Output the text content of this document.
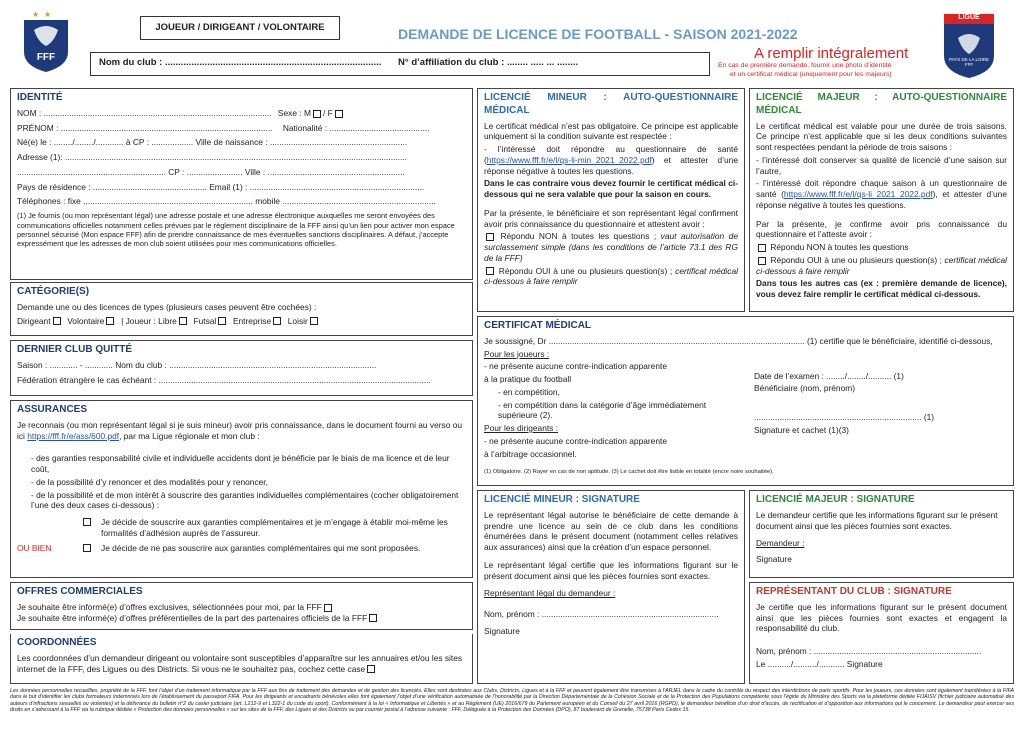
★ ★
FFF
JOUEUR / DIRIGEANT / VOLONTAIRE	DEMANDE DE LICENCE DE FOOTBALL - SAISON 2021-2022
Nom du club : .................................................................................. N° d’affiliation du club : ........ ..... ... ........
A remplir intégralement
En cas de première demande, fournir une photo d’identité
et un certificat médical (uniquement pour les majeurs)
LIGUE
PAYS DE LA LOIRE FFF
IDENTITÉ
NOM : .................................................................................................. Sexe : M / F
PRÉNOM : ........................................................................................... Nationalité : ...........................................
Né(e) le : ......../......../............ à CP : .................. Ville de naissance : ...........................................................
Adresse (1): ...................................................................................................................................................
................................................................ CP : ........................ Ville : ...........................................................
Pays de résidence : ................................................. Email (1) : ...........................................................................
Téléphones : fixe ......................................................................... mobile ..................................................................
(1) Je fournis (ou mon représentant légal) une adresse postale et une adresse électronique auxquelles me seront envoyées des communications officielles notamment celles prévues par le règlement disciplinaire de la FFF ainsi qu’un lien pour activer mon espace personnel sécurisé (Mon espace FFF) afin de prendre connaissance de mes éventuelles sanctions disciplinaires. A défaut, j’accepte expressément que les adresses de mon club soient utilisées pour mes communications officielles.
CATÉGORIE(S)
Demande une ou des licences de types (plusieurs cases peuvent être cochées) :
Dirigeant Volontaire | Joueur : Libre Futsal Entreprise Loisir
DERNIER CLUB QUITTÉ
Saison : ............ - ............ Nom du club : .........................................................................................
Fédération étrangère le cas échéant : .....................................................................................................................
ASSURANCES

Je reconnais (ou mon représentant légal si je suis mineur) avoir pris connaissance, dans le document fourni au verso ou ici https://fff.fr/e/ass/600.pdf, par ma Ligue régionale et mon club :

- des garanties responsabilité civile et individuelle accidents dont je bénéficie par le biais de ma licence et de leur coût,

- de la possibilité d’y renoncer et des modalités pour y renoncer,

- de la possibilité et de mon intérêt à souscrire des garanties individuelles complémentaires (cocher obligatoirement l’une des deux cases ci-dessous) :

Je décide de souscrire aux garanties complémentaires et je m’engage à établir moi-même les formalités d’adhésion auprès de l’assureur.
OU BIEN	Je décide de ne pas souscrire aux garanties complémentaires qui me sont proposées.
OFFRES COMMERCIALES
Je souhaite être informé(e) d’offres exclusives, sélectionnées pour moi, par la FFF
Je souhaite être informé(e) d’offres préférentielles de la part des partenaires officiels de la FFF
COORDONNÉES
Les coordonnées d’un demandeur dirigeant ou volontaire sont susceptibles d’apparaître sur les annuaires et/ou les sites internet de la FFF, des Ligues ou des Districts. Si vous ne le souhaitez pas, cochez cette case
LICENCIÉ MINEUR : AUTO-QUESTIONNAIRE MÉDICAL

Le certificat médical n’est pas obligatoire. Ce principe est applicable uniquement si la condition suivante est respectée :

- l’intéressé doit répondre au questionnaire de santé (https://www.fff.fr/e/l/qs-li-min_2021_2022.pdf) et attester d’une réponse négative à toutes les questions.

Dans le cas contraire vous devez fournir le certificat médical ci-dessous qui ne sera valable que pour la saison en cours.

Par la présente, le bénéficiaire et son représentant légal confirment avoir pris connaissance du questionnaire et attestent avoir :

Répondu NON à toutes les questions ; vaut autorisation de surclassement simple (dans les conditions de l’article 73.1 des RG de la FFF)

Répondu OUI à une ou plusieurs question(s) ; certificat médical ci-dessous à faire remplir

LICENCIÉ MAJEUR : AUTO-QUESTIONNAIRE MÉDICAL

Le certificat médical est valable pour une durée de trois saisons. Ce principe n’est applicable que si les deux conditions suivantes sont respectées pendant la période de trois saisons :

- l’intéressé doit conserver sa qualité de licencié d’une saison sur l’autre,

- l’intéressé doit répondre chaque saison à un questionnaire de santé (https://www.fff.fr/e/l/qs-li_2021_2022.pdf), et attester d’une réponse négative à toutes les questions.

Par la présente, je confirme avoir pris connaissance du questionnaire et l’atteste avoir :

Répondu NON à toutes les questions

Répondu OUI à une ou plusieurs question(s) ; certificat médical ci-dessous à faire remplir

Dans tous les autres cas (ex : première demande de licence), vous devez faire remplir le certificat médical ci-dessous.

CERTIFICAT MÉDICAL
Je soussigné, Dr .............................................................................................................. (1) certifie que le bénéficiaire, identifié ci-dessous,

Pour les joueurs :

- ne présente aucune contre-indication apparente

à la pratique du football

- en compétition,

- en compétition dans la catégorie d’âge immédiatement supérieure (2).

Pour les dirigeants :

- ne présente aucune contre-indication apparente

à l’arbitrage occasionnel.

Date de l’examen : ......../......../.......... (1)

Bénéficiaire (nom, prénom)

........................................................................ (1)

Signature et cachet (1)(3)

(1) Obligatoire. (2) Rayer en cas de non aptitude. (3) Le cachet doit être lisible en totalité (encre noire souhaitée).
LICENCIÉ MINEUR : SIGNATURE

Le représentant légal autorise le bénéficiaire de cette demande à prendre une licence au sein de ce club dans les conditions énumérées dans le présent document (notamment celles relatives aux assurances) ainsi que la création d’un espace personnel.

Le représentant légal certifie que les informations figurant sur le présent document ainsi que les pièces fournies sont exactes.

Représentant légal du demandeur :

Nom, prénom : ............................................................................

Signature

LICENCIÉ MAJEUR : SIGNATURE

Le demandeur certifie que les informations figurant sur le présent document ainsi que les pièces fournies sont exactes.

Demandeur :

Signature

REPRÉSENTANT DU CLUB : SIGNATURE

Je certifie que les informations figurant sur le présent document ainsi que les pièces fournies sont exactes et engagent la responsabilité du club.

Nom, prénom : ........................................................................

Le ........../........../........... Signature

Les données personnelles recueillies, propriété de la FFF, font l’objet d’un traitement informatique par la FFF aux fins de traitement des demandes et de gestion des licenciés. Elles sont destinées aux Clubs, Districts, Ligues et à la FFF et peuvent également être transmises à l’ARJEL dans le cadre du contrôle du respect des interdictions de paris sportifs. Pour les joueurs, ces données sont également transférées à la FIFA dans le but d’identifier les clubs formateurs indemnisés lors de l’établissement du passeport FIFA. Pour les dirigeants et encadrants bénévoles elles font également l’objet d’une vérification automatisée de l’honorabilité par la Direction Départementale de la Cohésion Sociale et de la Protection des Populations compétente sous l’égide du Ministère des Sports via la plateforme dédiée FIJAISV (fichier judiciaire automatisé des auteurs d’infractions sexuelles ou violentes) et la délivrance du bulletin n°2 du casier judiciaire (art. L212-9 et L322-1 du code du sport). Conformément à la loi « Informatique et Libertés » et au Règlement (UE) 2016/679 du Parlement européen et du Conseil du 27 avril 2016 (RGPD), le demandeur bénéficie d’un droit d’accès, de rectification et d’opposition aux informations qui le concernent. Le demandeur peut exercer ses droits en s’adressant à la FFF via la rubrique dédiée « Protection des données personnelles » sur les sites de la FFF, des Ligues et des Districts ou par courrier postal à l’adresse suivante : FFF, Déléguée à la Protection des Données (DPO), 87 boulevard de Grenelle, 75738 Paris Cedex 15.
